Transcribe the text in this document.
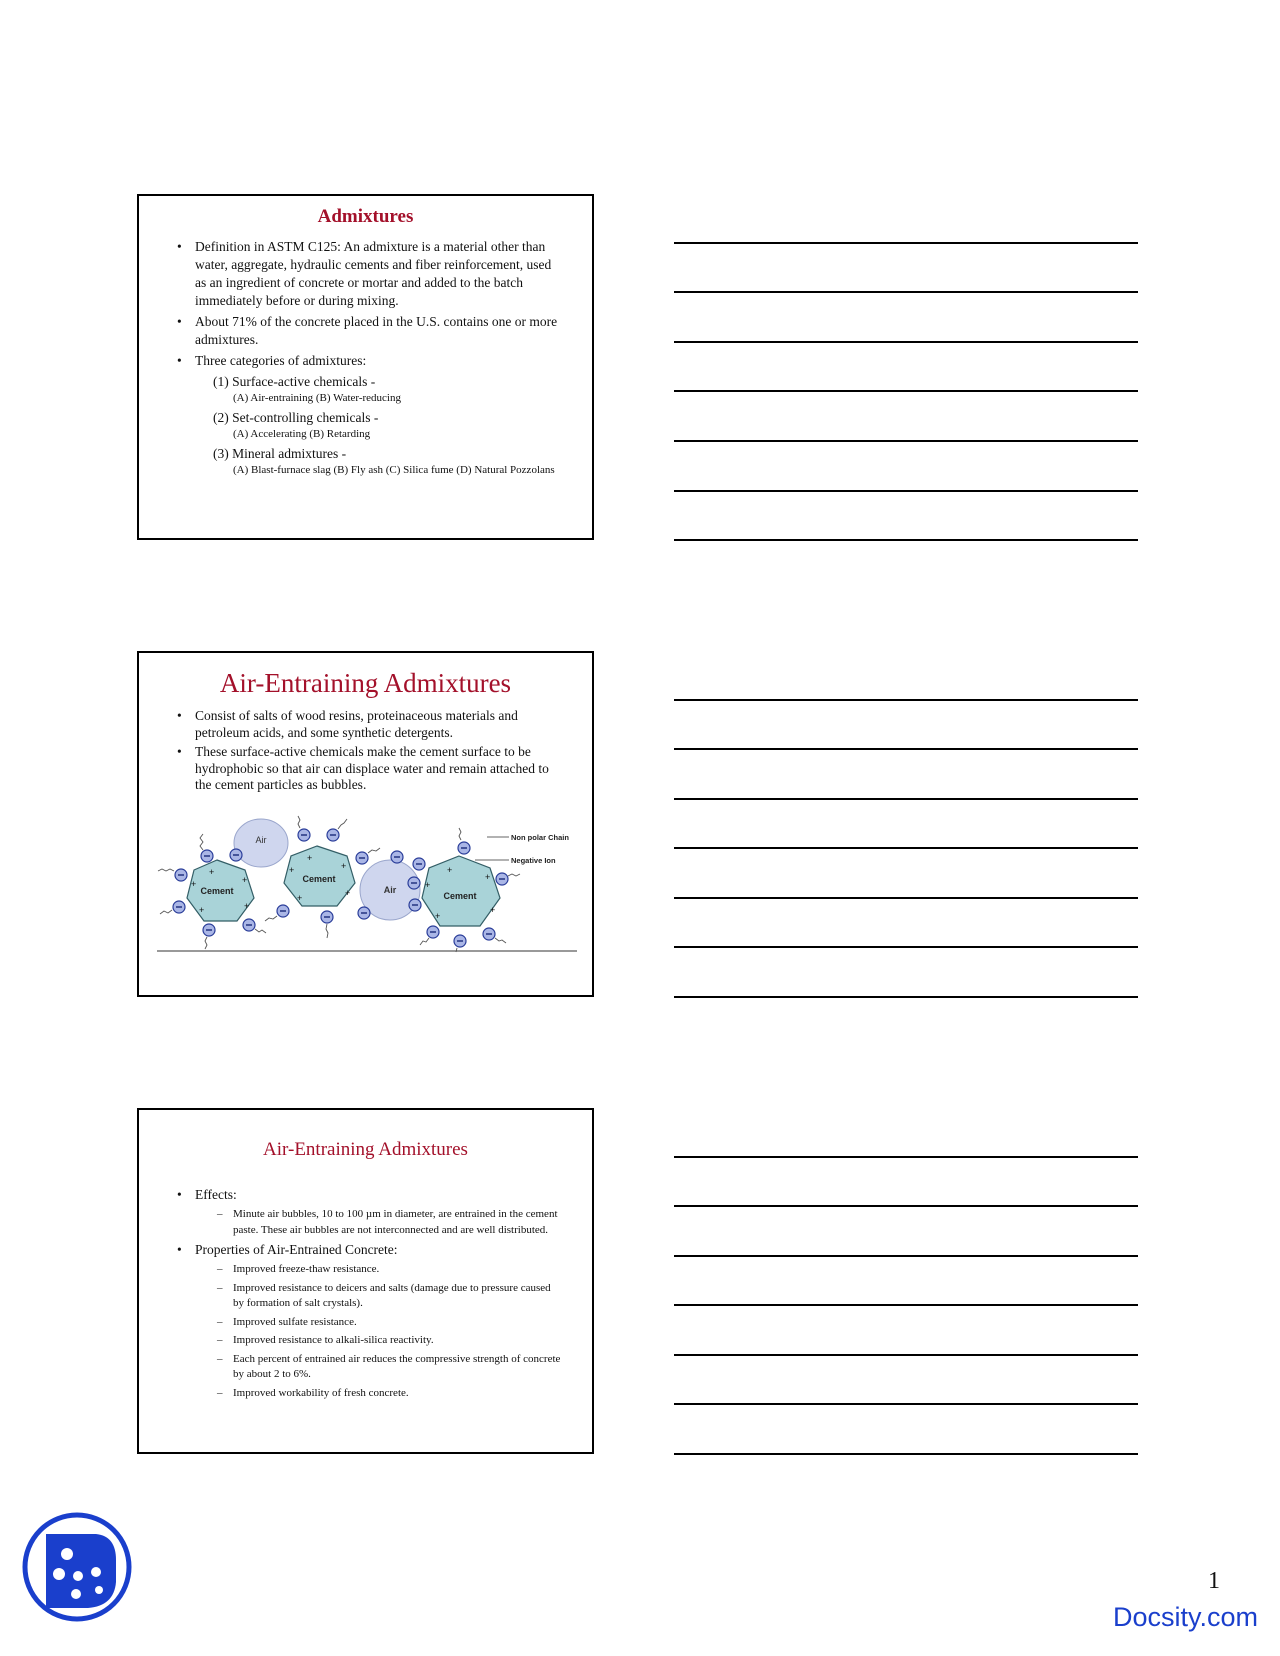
Admixtures
• Definition in ASTM C125: An admixture is a material other than water, aggregate, hydraulic cements and fiber reinforcement, used as an ingredient of concrete or mortar and added to the batch immediately before or during mixing.
• About 71% of the concrete placed in the U.S. contains one or more admixtures.
• Three categories of admixtures:
(1) Surface-active chemicals -
(A) Air-entraining (B) Water-reducing
(2) Set-controlling chemicals -
(A) Accelerating (B) Retarding
(3) Mineral admixtures -
(A) Blast-furnace slag (B) Fly ash (C) Silica fume (D) Natural Pozzolans
Air-Entraining Admixtures
• Consist of salts of wood resins, proteinaceous materials and petroleum acids, and some synthetic detergents.
• These surface-active chemicals make the cement surface to be hydrophobic so that air can displace water and remain attached to the cement particles as bubbles.
Air
Air
Cement
Cement
Cement
+
+
+
+
+
+
+
+
+
+	+
+
+
+
+
Non polar Chain
Negative Ion
Air-Entraining Admixtures
• Effects:
– Minute air bubbles, 10 to 100 µm in diameter, are entrained in the cement paste. These air bubbles are not interconnected and are well distributed.
• Properties of Air-Entrained Concrete:
– Improved freeze-thaw resistance.
– Improved resistance to deicers and salts (damage due to pressure caused by formation of salt crystals).
– Improved sulfate resistance.
– Improved resistance to alkali-silica reactivity.
– Each percent of entrained air reduces the compressive strength of concrete by about 2 to 6%.
– Improved workability of fresh concrete.
1
Docsity.com
